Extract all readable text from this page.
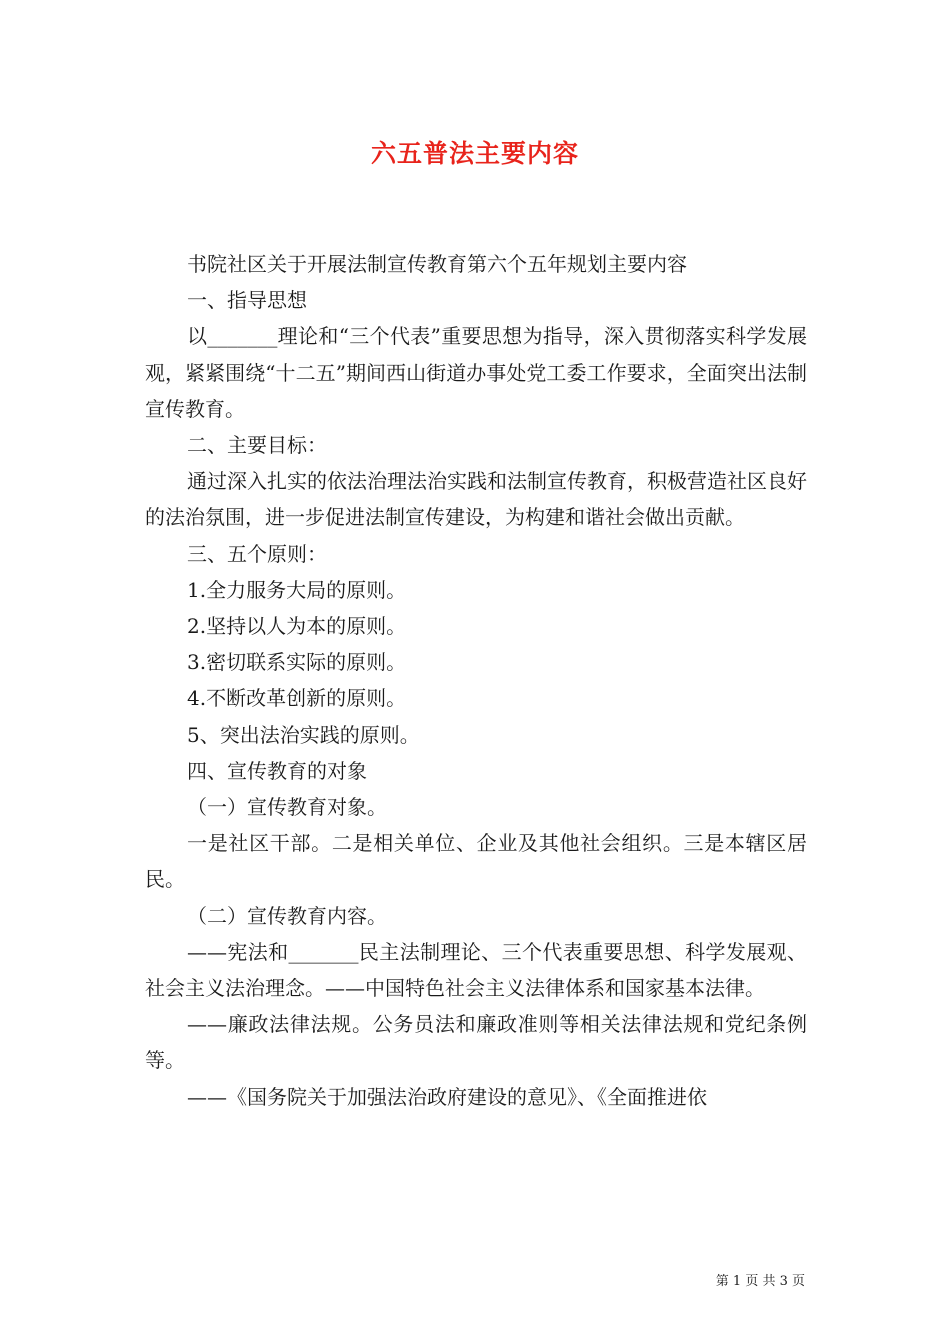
六五普法主要内容

书院社区关于开展法制宣传教育第六个五年规划主要内容

一、指导思想

以_______理论和“三个代表”重要思想为指导，深入贯彻落实科学发展观，紧紧围绕“十二五”期间西山街道办事处党工委工作要求，全面突出法制宣传教育。

二、主要目标：

通过深入扎实的依法治理法治实践和法制宣传教育，积极营造社区良好的法治氛围，进一步促进法制宣传建设，为构建和谐社会做出贡献。

三、五个原则：

1.全力服务大局的原则。

2.坚持以人为本的原则。

3.密切联系实际的原则。

4.不断改革创新的原则。

5、突出法治实践的原则。

四、宣传教育的对象

（一）宣传教育对象。

一是社区干部。二是相关单位、企业及其他社会组织。三是本辖区居民。

（二）宣传教育内容。

——宪法和_______民主法制理论、三个代表重要思想、科学发展观、社会主义法治理念。——中国特色社会主义法律体系和国家基本法律。

——廉政法律法规。公务员法和廉政准则等相关法律法规和党纪条例等。

——《国务院关于加强法治政府建设的意见》、《全面推进依

第 1 页 共 3 页
